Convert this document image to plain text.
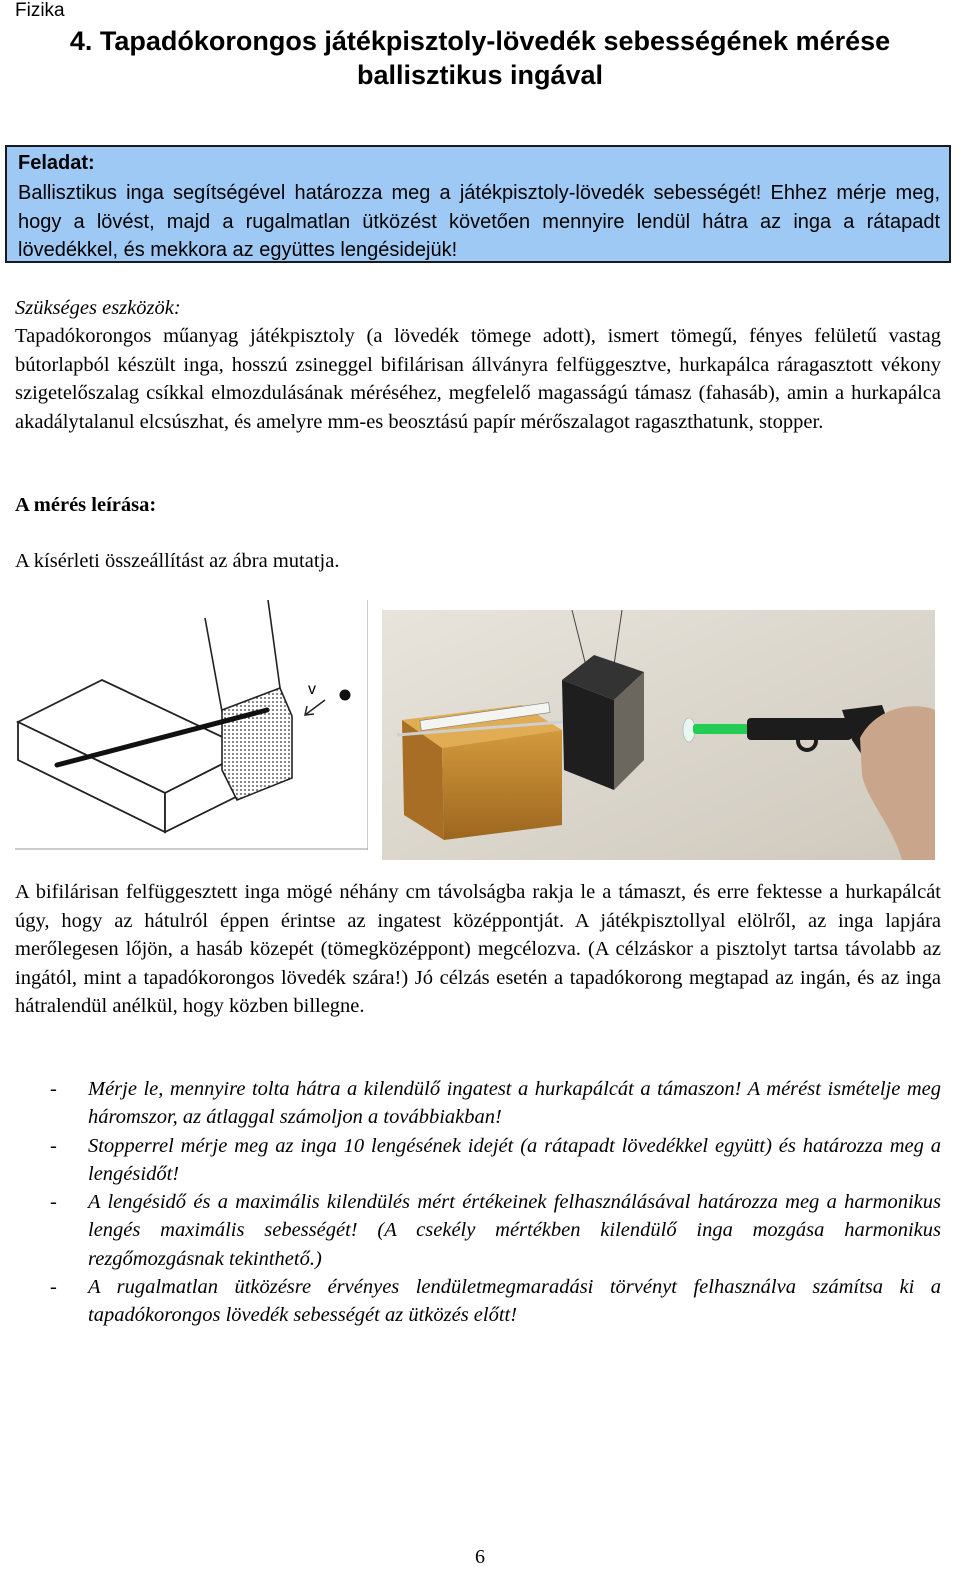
Fizika
4. Tapadókorongos játékpisztoly-lövedék sebességének mérése
ballisztikus ingával
Feladat:
Ballisztikus inga segítségével határozza meg a játékpisztoly-lövedék sebességét! Ehhez mérje meg, hogy a lövést, majd a rugalmatlan ütközést követően mennyire lendül hátra az inga a rátapadt lövedékkel, és mekkora az együttes lengésidejük!
Szükséges eszközök:
Tapadókorongos műanyag játékpisztoly (a lövedék tömege adott), ismert tömegű, fényes felületű vastag bútorlapból készült inga, hosszú zsineggel bifilárisan állványra felfüggesztve, hurkapálca ráragasztott vékony szigetelőszalag csíkkal elmozdulásának méréséhez, megfelelő magasságú támasz (fahasáb), amin a hurkapálca akadálytalanul elcsúszhat, és amelyre mm-es beosztású papír mérőszalagot ragaszthatunk, stopper.
A mérés leírása:
A kísérleti összeállítást az ábra mutatja.
v
A bifilárisan felfüggesztett inga mögé néhány cm távolságba rakja le a támaszt, és erre fektesse a hurkapálcát úgy, hogy az hátulról éppen érintse az ingatest középpontját. A játékpisztollyal elölről, az inga lapjára merőlegesen lőjön, a hasáb közepét (tömegközéppont) megcélozva. (A célzáskor a pisztolyt tartsa távolabb az ingától, mint a tapadókorongos lövedék szára!) Jó célzás esetén a tapadókorong megtapad az ingán, és az inga hátralendül anélkül, hogy közben billegne.
- Mérje le, mennyire tolta hátra a kilendülő ingatest a hurkapálcát a támaszon! A mérést ismételje meg háromszor, az átlaggal számoljon a továbbiakban!
- Stopperrel mérje meg az inga 10 lengésének idejét (a rátapadt lövedékkel együtt) és határozza meg a lengésidőt!
- A lengésidő és a maximális kilendülés mért értékeinek felhasználásával határozza meg a harmonikus lengés maximális sebességét! (A csekély mértékben kilendülő inga mozgása harmonikus rezgőmozgásnak tekinthető.)
- A rugalmatlan ütközésre érvényes lendületmegmaradási törvényt felhasználva számítsa ki a tapadókorongos lövedék sebességét az ütközés előtt!
6
